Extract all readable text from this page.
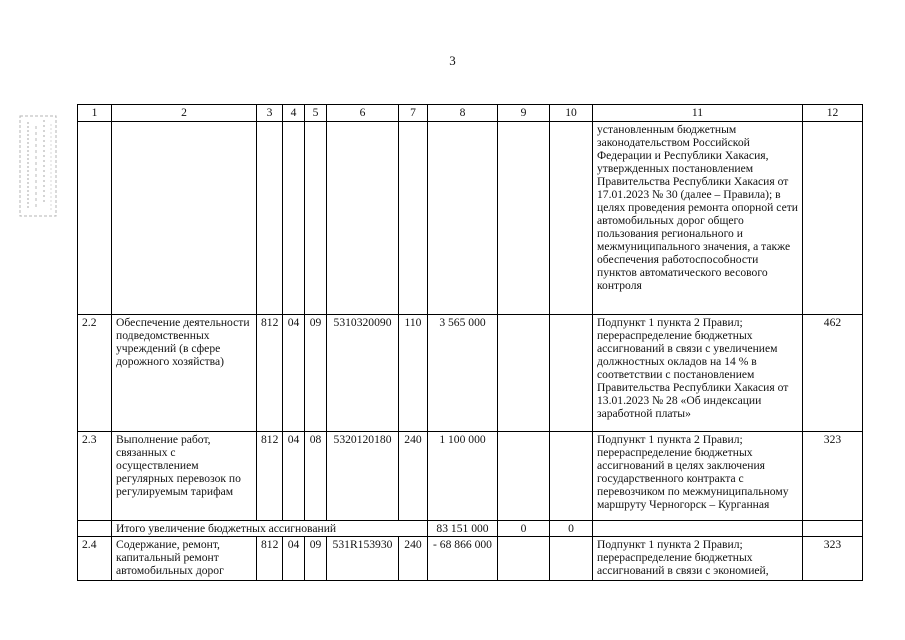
3
1	2	3	4	5	6	7	8	9	10	11	12
										установленным бюджетным законодательством Российской Федерации и Республики Хакасия, утвержденных постановлением Правительства Республики Хакасия от 17.01.2023 № 30 (далее – Правила); в целях проведения ремонта опорной сети автомобильных дорог общего пользования регионального и межмуниципального значения, а также обеспечения работоспособности пунктов автоматического весового контроля	
2.2	Обеспечение деятельности подведомственных учреждений (в сфере дорожного хозяйства)	812	04	09	5310320090	110	3 565 000			Подпункт 1 пункта 2 Правил; перераспределение бюджетных ассигнований в связи с увеличением должностных окладов на 14 % в соответствии с постановлением Правительства Республики Хакасия от 13.01.2023 № 28 «Об индексации заработной платы»	462
2.3	Выполнение работ, связанных с осуществлением регулярных перевозок по регулируемым тарифам	812	04	08	5320120180	240	1 100 000			Подпункт 1 пункта 2 Правил; перераспределение бюджетных ассигнований в целях заключения государственного контракта с перевозчиком по межмуниципальному маршруту Черногорск – Курганная	323
	Итого увеличение бюджетных ассигнований						83 151 000	0	0		
2.4	Содержание, ремонт, капитальный ремонт автомобильных дорог	812	04	09	531R153930	240	- 68 866 000			Подпункт 1 пункта 2 Правил; перераспределение бюджетных ассигнований в связи с экономией,	323
